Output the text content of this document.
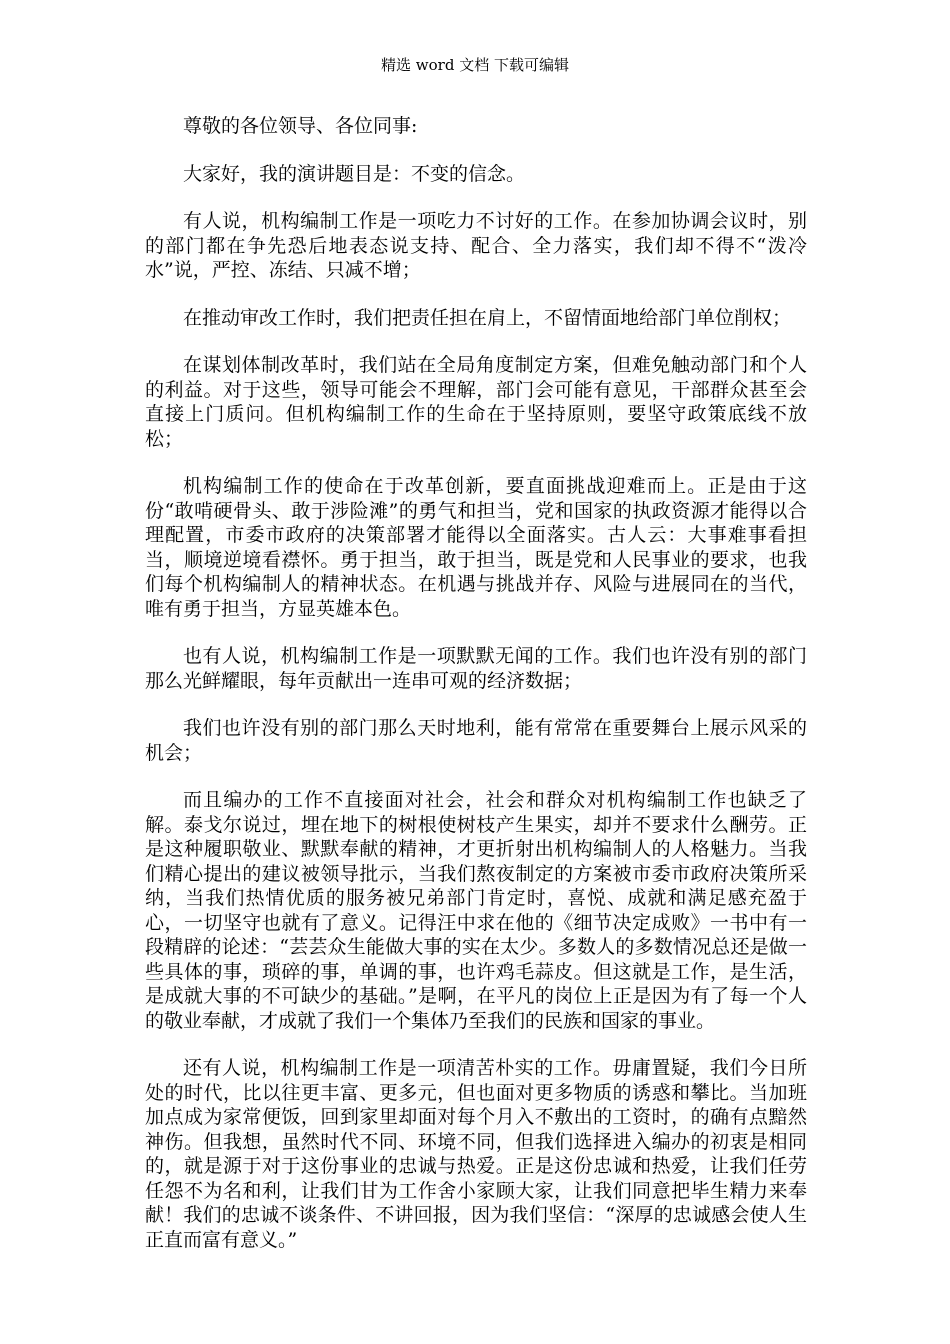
精选 word 文档 下载可编辑

尊敬的各位领导、各位同事:

大家好，我的演讲题目是：不变的信念。

有人说，机构编制工作是一项吃力不讨好的工作。在参加协调会议时，别的部门都在争先恐后地表态说支持、配合、全力落实，我们却不得不“泼冷水”说，严控、冻结、只减不增；

在推动审改工作时，我们把责任担在肩上，不留情面地给部门单位削权；

在谋划体制改革时，我们站在全局角度制定方案，但难免触动部门和个人的利益。对于这些，领导可能会不理解，部门会可能有意见，干部群众甚至会直接上门质问。但机构编制工作的生命在于坚持原则，要坚守政策底线不放松；

机构编制工作的使命在于改革创新，要直面挑战迎难而上。正是由于这份“敢啃硬骨头、敢于涉险滩”的勇气和担当，党和国家的执政资源才能得以合理配置，市委市政府的决策部署才能得以全面落实。古人云：大事难事看担当，顺境逆境看襟怀。勇于担当，敢于担当，既是党和人民事业的要求，也我们每个机构编制人的精神状态。在机遇与挑战并存、风险与进展同在的当代，唯有勇于担当，方显英雄本色。

也有人说，机构编制工作是一项默默无闻的工作。我们也许没有别的部门那么光鲜耀眼，每年贡献出一连串可观的经济数据；

我们也许没有别的部门那么天时地利，能有常常在重要舞台上展示风采的机会；

而且编办的工作不直接面对社会，社会和群众对机构编制工作也缺乏了解。泰戈尔说过，埋在地下的树根使树枝产生果实，却并不要求什么酬劳。正是这种履职敬业、默默奉献的精神，才更折射出机构编制人的人格魅力。当我们精心提出的建议被领导批示，当我们熬夜制定的方案被市委市政府决策所采纳，当我们热情优质的服务被兄弟部门肯定时，喜悦、成就和满足感充盈于心，一切坚守也就有了意义。记得汪中求在他的《细节决定成败》一书中有一段精辟的论述：“芸芸众生能做大事的实在太少。多数人的多数情况总还是做一些具体的事，琐碎的事，单调的事，也许鸡毛蒜皮。但这就是工作，是生活，是成就大事的不可缺少的基础。”是啊，在平凡的岗位上正是因为有了每一个人的敬业奉献，才成就了我们一个集体乃至我们的民族和国家的事业。

还有人说，机构编制工作是一项清苦朴实的工作。毋庸置疑，我们今日所处的时代，比以往更丰富、更多元，但也面对更多物质的诱惑和攀比。当加班加点成为家常便饭，回到家里却面对每个月入不敷出的工资时，的确有点黯然神伤。但我想，虽然时代不同、环境不同，但我们选择进入编办的初衷是相同的，就是源于对于这份事业的忠诚与热爱。正是这份忠诚和热爱，让我们任劳任怨不为名和利，让我们甘为工作舍小家顾大家，让我们同意把毕生精力来奉献！我们的忠诚不谈条件、不讲回报，因为我们坚信：“深厚的忠诚感会使人生正直而富有意义。”
